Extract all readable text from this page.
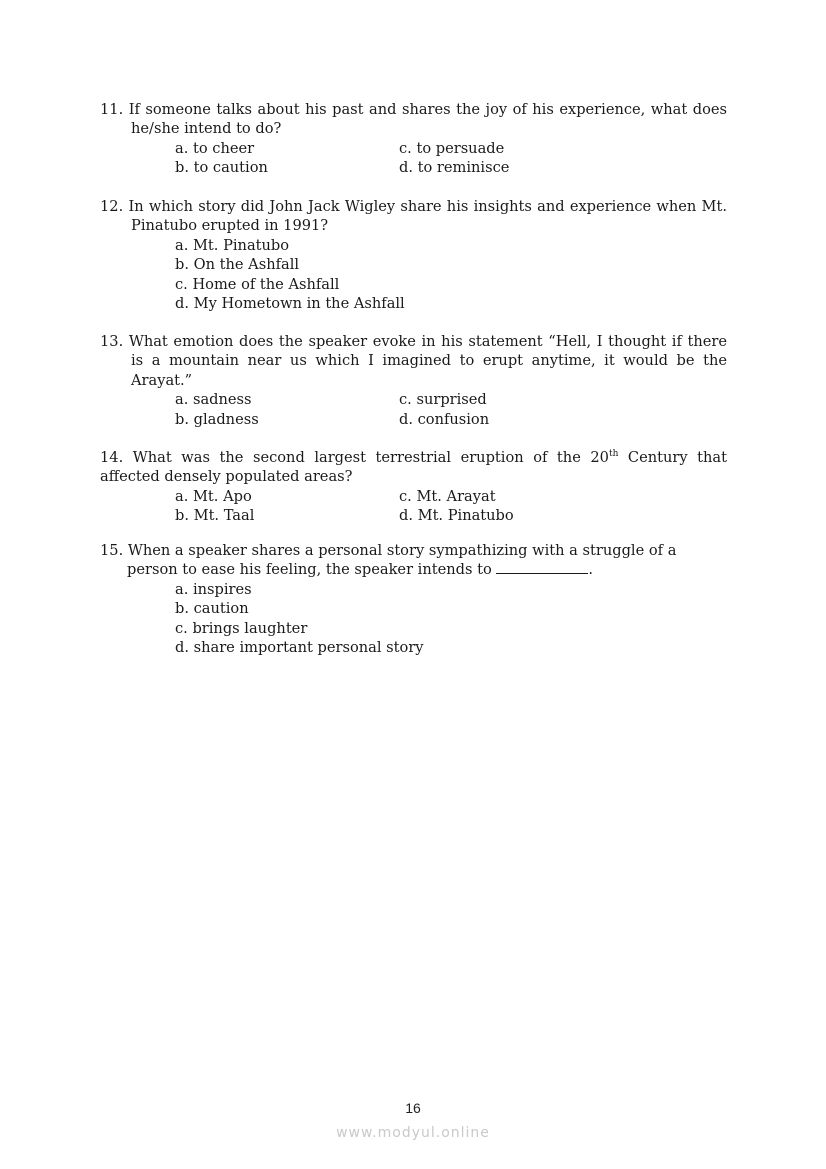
11. If someone talks about his past and shares the joy of his experience, what does he/she intend to do?

a. to cheer	c. to persuade
b. to caution	d. to reminisce

12. In which story did John Jack Wigley share his insights and experience when Mt. Pinatubo erupted in 1991?

a. Mt. Pinatubo
b. On the Ashfall
c. Home of the Ashfall
d. My Hometown in the Ashfall

13. What emotion does the speaker evoke in his statement “Hell, I thought if there is a mountain near us which I imagined to erupt anytime, it would be the Arayat.”

a. sadness	c. surprised
b. gladness	d. confusion

14. What was the second largest terrestrial eruption of the 20th Century that affected densely populated areas?

a. Mt. Apo	c. Mt. Arayat
b. Mt. Taal	d. Mt. Pinatubo

15. When a speaker shares a personal story sympathizing with a struggle of a person to ease his feeling, the speaker intends to	.

a. inspires
b. caution
c. brings laughter
d. share important personal story
16
www.modyul.online
